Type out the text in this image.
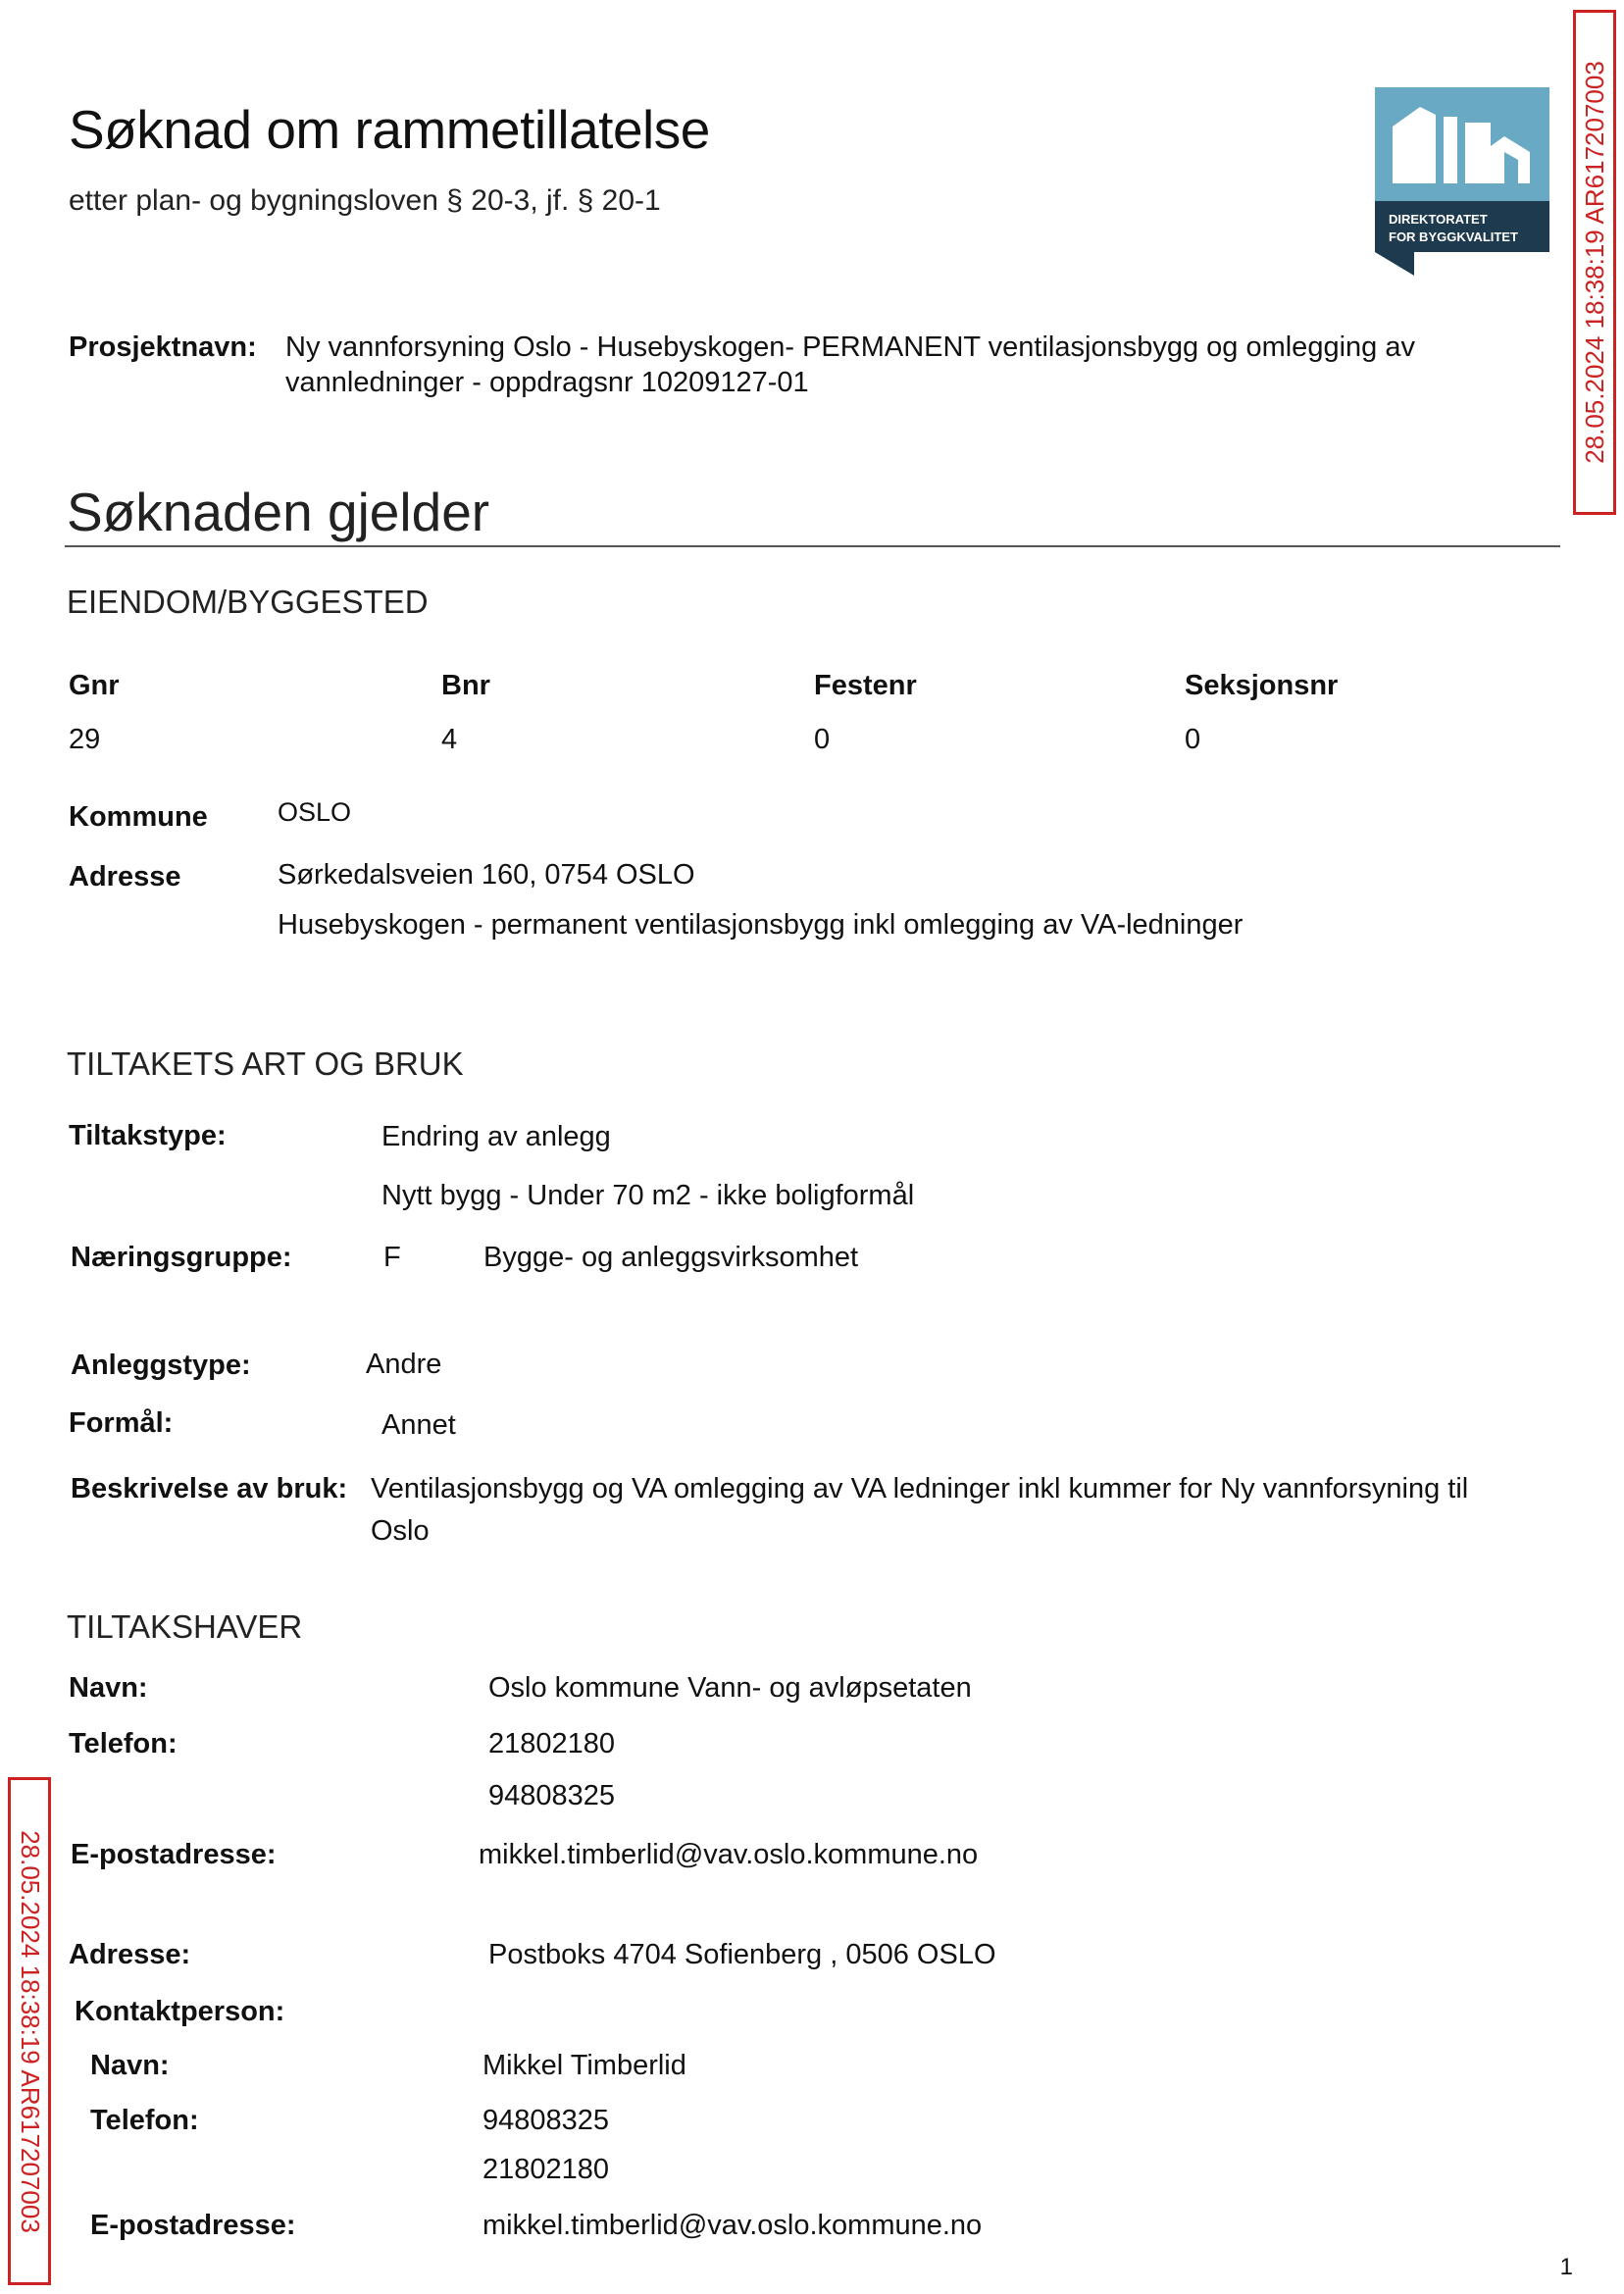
Søknad om rammetillatelse
etter plan- og bygningsloven § 20-3, jf. § 20-1
DIREKTORATET
FOR BYGGKVALITET 28.05.2024 18:38:19 AR617207003
28.05.2024 18:38:19 AR617207003
Prosjektnavn: Ny vannforsyning Oslo - Husebyskogen- PERMANENT ventilasjonsbygg og omlegging av
vannledninger - oppdragsnr 10209127-01
Søknaden gjelder
EIENDOM/BYGGESTED
Gnr	Bnr	Festenr	Seksjonsnr
29	4	0	0
Kommune	OSLO
Adresse	Sørkedalsveien 160, 0754 OSLO
Husebyskogen - permanent ventilasjonsbygg inkl omlegging av VA-ledninger
TILTAKETS ART OG BRUK
Tiltakstype:	Endring av anlegg
Nytt bygg - Under 70 m2 - ikke boligformål
Næringsgruppe:	F	Bygge- og anleggsvirksomhet
Anleggstype:	Andre
Formål:	Annet
Beskrivelse av bruk: Ventilasjonsbygg og VA omlegging av VA ledninger inkl kummer for Ny vannforsyning til
Oslo
TILTAKSHAVER
Navn:	Oslo kommune Vann- og avløpsetaten
Telefon:	21802180
94808325
E-postadresse:	mikkel.timberlid@vav.oslo.kommune.no
Adresse:	Postboks 4704 Sofienberg , 0506 OSLO
Kontaktperson:
Navn:	Mikkel Timberlid
Telefon:	94808325
21802180
E-postadresse:	mikkel.timberlid@vav.oslo.kommune.no
1
